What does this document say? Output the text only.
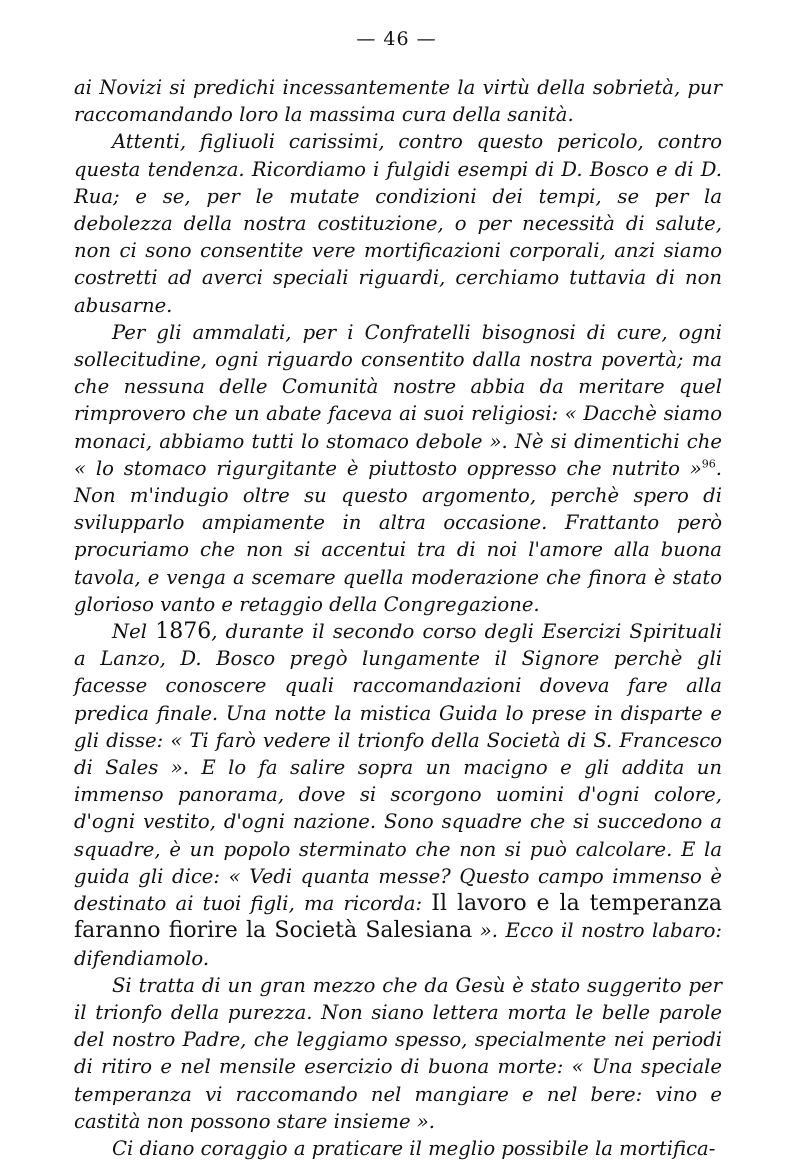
— 46 —

ai Novizi si predichi incessantemente la virtù della sobrietà, pur raccomandando loro la massima cura della sanità.

Attenti, figliuoli carissimi, contro questo pericolo, contro questa tendenza. Ricordiamo i fulgidi esempi di D. Bosco e di D. Rua; e se, per le mutate condizioni dei tempi, se per la debolezza della nostra costituzione, o per necessità di salute, non ci sono consentite vere mortificazioni corporali, anzi siamo costretti ad averci speciali riguardi, cerchiamo tuttavia di non abusarne.

Per gli ammalati, per i Confratelli bisognosi di cure, ogni sollecitudine, ogni riguardo consentito dalla nostra povertà; ma che nessuna delle Comunità nostre abbia da meritare quel rimprovero che un abate faceva ai suoi religiosi: « Dacchè siamo monaci, abbiamo tutti lo stomaco debole ». Nè si dimentichi che « lo stomaco rigurgitante è piuttosto oppresso che nutrito »$^{96}$. Non m'indugio oltre su questo argomento, perchè spero di svilupparlo ampiamente in altra occasione. Frattanto però procuriamo che non si accentui tra di noi l'amore alla buona tavola, e venga a scemare quella moderazione che finora è stato glorioso vanto e retaggio della Congregazione.

Nel 1876, durante il secondo corso degli Esercizi Spirituali a Lanzo, D. Bosco pregò lungamente il Signore perchè gli facesse conoscere quali raccomandazioni doveva fare alla predica finale. Una notte la mistica Guida lo prese in disparte e gli disse: « Ti farò vedere il trionfo della Società di S. Francesco di Sales ». E lo fa salire sopra un macigno e gli addita un immenso panorama, dove si scorgono uomini d'ogni colore, d'ogni vestito, d'ogni nazione. Sono squadre che si succedono a squadre, è un popolo sterminato che non si può calcolare. E la guida gli dice: « Vedi quanta messe? Questo campo immenso è destinato ai tuoi figli, ma ricorda: Il lavoro e la temperanza faranno fiorire la Società Salesiana ». Ecco il nostro labaro: difendiamolo.

Si tratta di un gran mezzo che da Gesù è stato suggerito per il trionfo della purezza. Non siano lettera morta le belle parole del nostro Padre, che leggiamo spesso, specialmente nei periodi di ritiro e nel mensile esercizio di buona morte: « Una speciale temperanza vi raccomando nel mangiare e nel bere: vino e castità non possono stare insieme ».

Ci diano coraggio a praticare il meglio possibile la mortifica-
